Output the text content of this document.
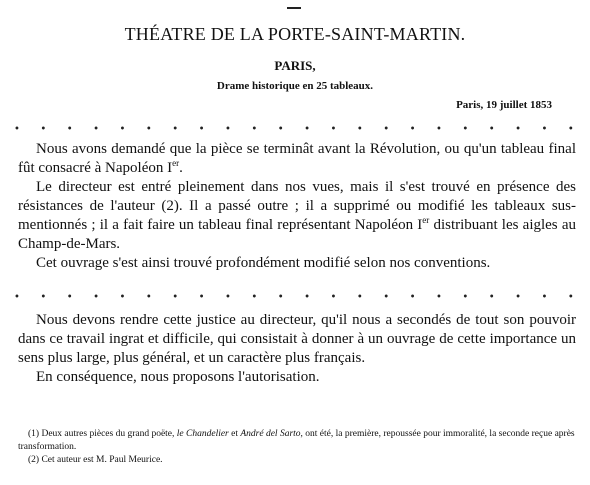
THÉATRE DE LA PORTE-SAINT-MARTIN.
PARIS,
Drame historique en 25 tableaux.
Paris, 19 juillet 1853
•
•
•
•
•
•
•
•
•
•
•
•
•
•
•
•
•
•
•
•
•
•

Nous avons demandé que la pièce se terminât avant la Révolution, ou qu'un tableau final fût consacré à Napoléon Ier.

Le directeur est entré pleinement dans nos vues, mais il s'est trouvé en présence des résistances de l'auteur (2). Il a passé outre ; il a supprimé ou modifié les tableaux sus-mentionnés ; il a fait faire un tableau final représentant Napoléon Ier distribuant les aigles au Champ-de-Mars.

Cet ouvrage s'est ainsi trouvé profondément modifié selon nos conventions.

•
•
•
•
•
•
•
•
•
•
•
•
•
•
•
•
•
•
•
•
•
•

Nous devons rendre cette justice au directeur, qu'il nous a secondés de tout son pouvoir dans ce travail ingrat et difficile, qui consistait à donner à un ouvrage de cette importance un sens plus large, plus général, et un caractère plus français.

En conséquence, nous proposons l'autorisation.

(1) Deux autres pièces du grand poëte, le Chandelier et André del Sarto, ont été, la première, repoussée pour immoralité, la seconde reçue après transformation.

(2) Cet auteur est M. Paul Meurice.
